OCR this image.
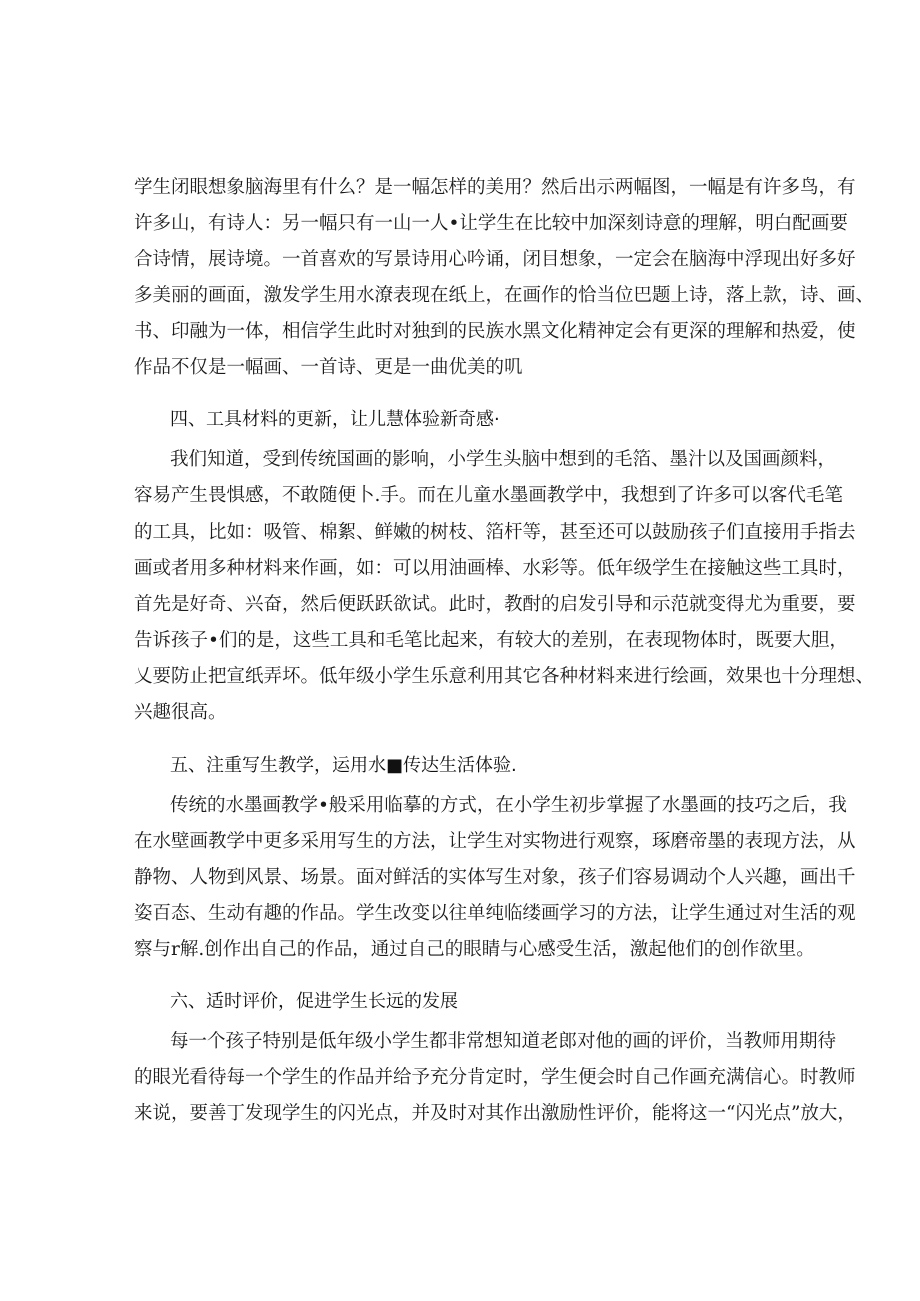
学生闭眼想象脑海里有什么？是一幅怎样的美用？然后出示两幅图，一幅是有许多鸟，有
许多山，有诗人：另一幅只有一山一人•让学生在比较中加深刻诗意的理解，明白配画要
合诗情，展诗境。一首喜欢的写景诗用心吟诵，闭目想象，一定会在脑海中浮现出好多好
多美丽的画面，激发学生用水潦表现在纸上，在画作的恰当位巴题上诗，落上款，诗、画、
书、印融为一体，相信学生此时对独到的民族水黑文化精神定会有更深的理解和热爱，使
作品不仅是一幅画、一首诗、更是一曲优美的叽
四、工具材料的更新，让儿慧体验新奇感·
我们知道，受到传统国画的影响，小学生头脑中想到的毛箔、墨汁以及国画颜料，
容易产生畏惧感，不敢随便卜.手。而在儿童水墨画教学中，我想到了许多可以客代毛笔
的工具，比如：吸管、棉絮、鲜嫩的树枝、箔杆等，甚至还可以鼓励孩子们直接用手指去
画或者用多种材料来作画，如：可以用油画棒、水彩等。低年级学生在接触这些工具时，
首先是好奇、兴奋，然后便跃跃欲试。此时，教酎的启发引导和示范就变得尤为重要，要
告诉孩子•们的是，这些工具和毛笔比起来，有较大的差别，在表现物体时，既要大胆，
乂要防止把宣纸弄坏。低年级小学生乐意利用其它各种材料来进行绘画，效果也十分理想、
兴趣很高。
五、注重写生教学，运用水■传达生活体验.
传统的水墨画教学•般采用临摹的方式，在小学生初步掌握了水墨画的技巧之后，我
在水壁画教学中更多采用写生的方法，让学生对实物进行观察，琢磨帝墨的表现方法，从
静物、人物到风景、场景。面对鲜活的实体写生对象，孩子们容易调动个人兴趣，画出千
姿百态、生动有趣的作品。学生改变以往单纯临缕画学习的方法，让学生通过对生活的观
察与r解.创作出自己的作品，通过自己的眼睛与心感受生活，激起他们的创作欲里。
六、适时评价，促进学生长远的发展
每一个孩子特别是低年级小学生都非常想知道老郎对他的画的评价，当教师用期待
的眼光看待每一个学生的作品并给予充分肯定时，学生便会时自己作画充满信心。时教师
来说，要善丁发现学生的闪光点，并及时对其作出激励性评价，能将这一“闪光点”放大，
